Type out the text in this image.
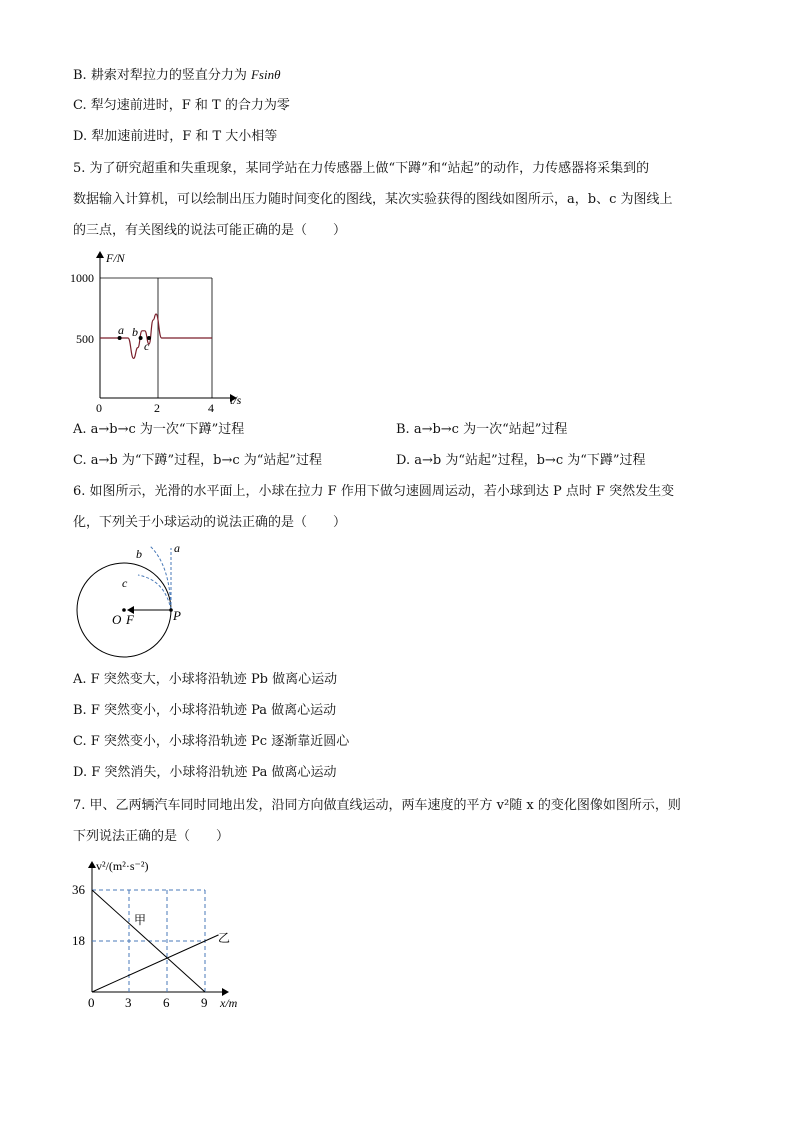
B. 耕索对犁拉力的竖直分力为 Fsinθ
C. 犁匀速前进时，F 和 T 的合力为零
D. 犁加速前进时，F 和 T 大小相等
5. 为了研究超重和失重现象，某同学站在力传感器上做“下蹲”和“站起”的动作，力传感器将采集到的
数据输入计算机，可以绘制出压力随时间变化的图线，某次实验获得的图线如图所示，a，b、c 为图线上
的三点，有关图线的说法可能正确的是（　　）
a b
c
F/N
1000
500
0	2	4
t/s
A. a→b→c 为一次“下蹲”过程	B. a→b→c 为一次“站起”过程
C. a→b 为“下蹲”过程，b→c 为“站起”过程	D. a→b 为“站起”过程，b→c 为“下蹲”过程
6. 如图所示，光滑的水平面上，小球在拉力 F 作用下做匀速圆周运动，若小球到达 P 点时 F 突然发生变
化，下列关于小球运动的说法正确的是（　　）
a
b
c
O F	P
A. F 突然变大，小球将沿轨迹 Pb 做离心运动
B. F 突然变小，小球将沿轨迹 Pa 做离心运动
C. F 突然变小，小球将沿轨迹 Pc 逐渐靠近圆心
D. F 突然消失，小球将沿轨迹 Pa 做离心运动
7. 甲、乙两辆汽车同时同地出发，沿同方向做直线运动，两车速度的平方 v²随 x 的变化图像如图所示，则
下列说法正确的是（　　）
v²/(m²·s⁻²)
36
18
0 3 6 9 x/m
甲
乙
